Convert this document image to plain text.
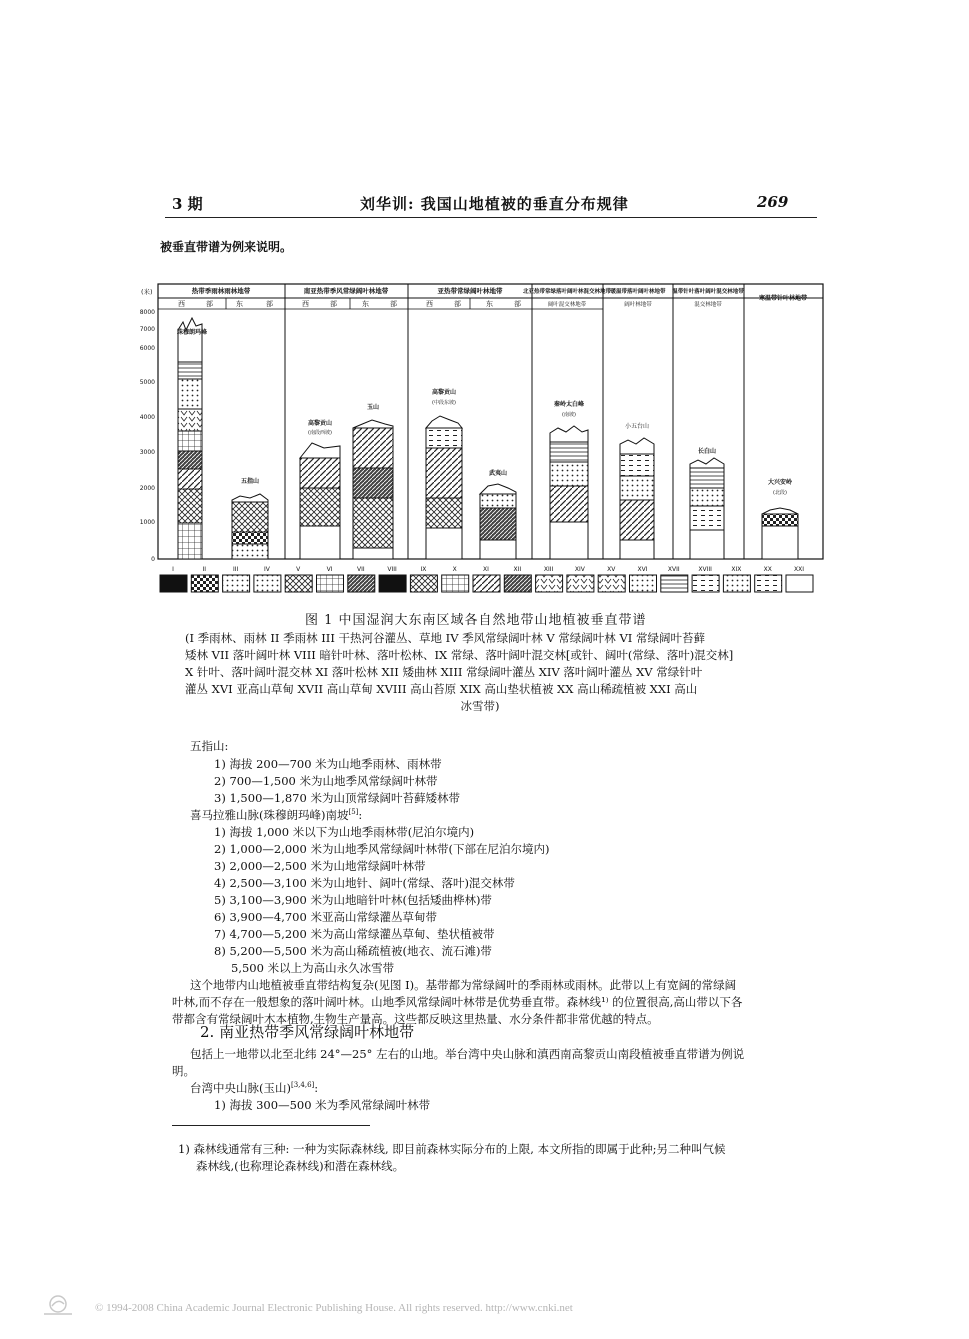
3 期	刘华训: 我国山地植被的垂直分布规律	269
被垂直带谱为例来说明。
热带季雨林雨林地带	南亚热带季风常绿阔叶林地带	亚热带常绿阔叶林地带	北亚热带常绿落叶阔叶林混交林地带 暖温带落叶阔叶林地带 温带针叶落叶阔叶混交林地带
寒温带针叶林地带
西	部	东	部	西	部	东	部	西	部	东	部	阔叶混交林地带	阔叶林地带	混交林地带
(米)
8000
7000
6000
5000
4000
3000
2000
1000
0
珠穆朗玛峰
五指山
高黎贡山
(南段西坡)
玉山
高黎贡山
(中段东坡)
武夷山
秦岭太白峰
(南坡)
小五台山
长白山
大兴安岭
(北段)
I	II	III	IV	V	VI	VII	VIII	IX	X	XI	XII	XIII	XIV	XV	XVI	XVII	XVIII	XIX	XX	XXI
图 1 中国湿润大东南区域各自然地带山地植被垂直带谱
(I 季雨林、雨林 II 季雨林 III 干热河谷灌丛、草地 IV 季风常绿阔叶林 V 常绿阔叶林 VI 常绿阔叶苔藓
矮林 VII 落叶阔叶林 VIII 暗针叶林、落叶松林、IX 常绿、落叶阔叶混交林[或针、阔叶(常绿、落叶)混交林]
X 针叶、落叶阔叶混交林 XI 落叶松林 XII 矮曲林 XIII 常绿阔叶灌丛 XIV 落叶阔叶灌丛 XV 常绿针叶
灌丛 XVI 亚高山草甸 XVII 高山草甸 XVIII 高山苔原 XIX 高山垫状植被 XX 高山稀疏植被 XXI 高山
冰雪带)
五指山:
1) 海拔 200—700 米为山地季雨林、雨林带
2) 700—1,500 米为山地季风常绿阔叶林带
3) 1,500—1,870 米为山顶常绿阔叶苔藓矮林带
喜马拉雅山脉(珠穆朗玛峰)南坡[5]:
1) 海拔 1,000 米以下为山地季雨林带(尼泊尔境内)
2) 1,000—2,000 米为山地季风常绿阔叶林带(下部在尼泊尔境内)
3) 2,000—2,500 米为山地常绿阔叶林带
4) 2,500—3,100 米为山地针、阔叶(常绿、落叶)混交林带
5) 3,100—3,900 米为山地暗针叶林(包括矮曲桦林)带
6) 3,900—4,700 米亚高山常绿灌丛草甸带
7) 4,700—5,200 米为高山常绿灌丛草甸、垫状植被带
8) 5,200—5,500 米为高山稀疏植被(地衣、流石滩)带
5,500 米以上为高山永久冰雪带
这个地带内山地植被垂直带结构复杂(见图 I)。基带都为常绿阔叶的季雨林或雨林。此带以上有宽阔的常绿阔
叶林,而不存在一般想象的落叶阔叶林。山地季风常绿阔叶林带是优势垂直带。森林线¹⁾ 的位置很高,高山带以下各
带都含有常绿阔叶木本植物,生物生产量高。这些都反映这里热量、水分条件都非常优越的特点。
2. 南亚热带季风常绿阔叶林地带
包括上一地带以北至北纬 24°—25° 左右的山地。举台湾中央山脉和滇西南高黎贡山南段植被垂直带谱为例说
明。
台湾中央山脉(玉山)[3,4,6]:
1) 海拔 300—500 米为季风常绿阔叶林带
1) 森林线通常有三种: 一种为实际森林线, 即目前森林实际分布的上限, 本文所指的即属于此种;另二种叫气候
森林线,(也称理论森林线)和潜在森林线。
© 1994-2008 China Academic Journal Electronic Publishing House. All rights reserved. http://www.cnki.net
